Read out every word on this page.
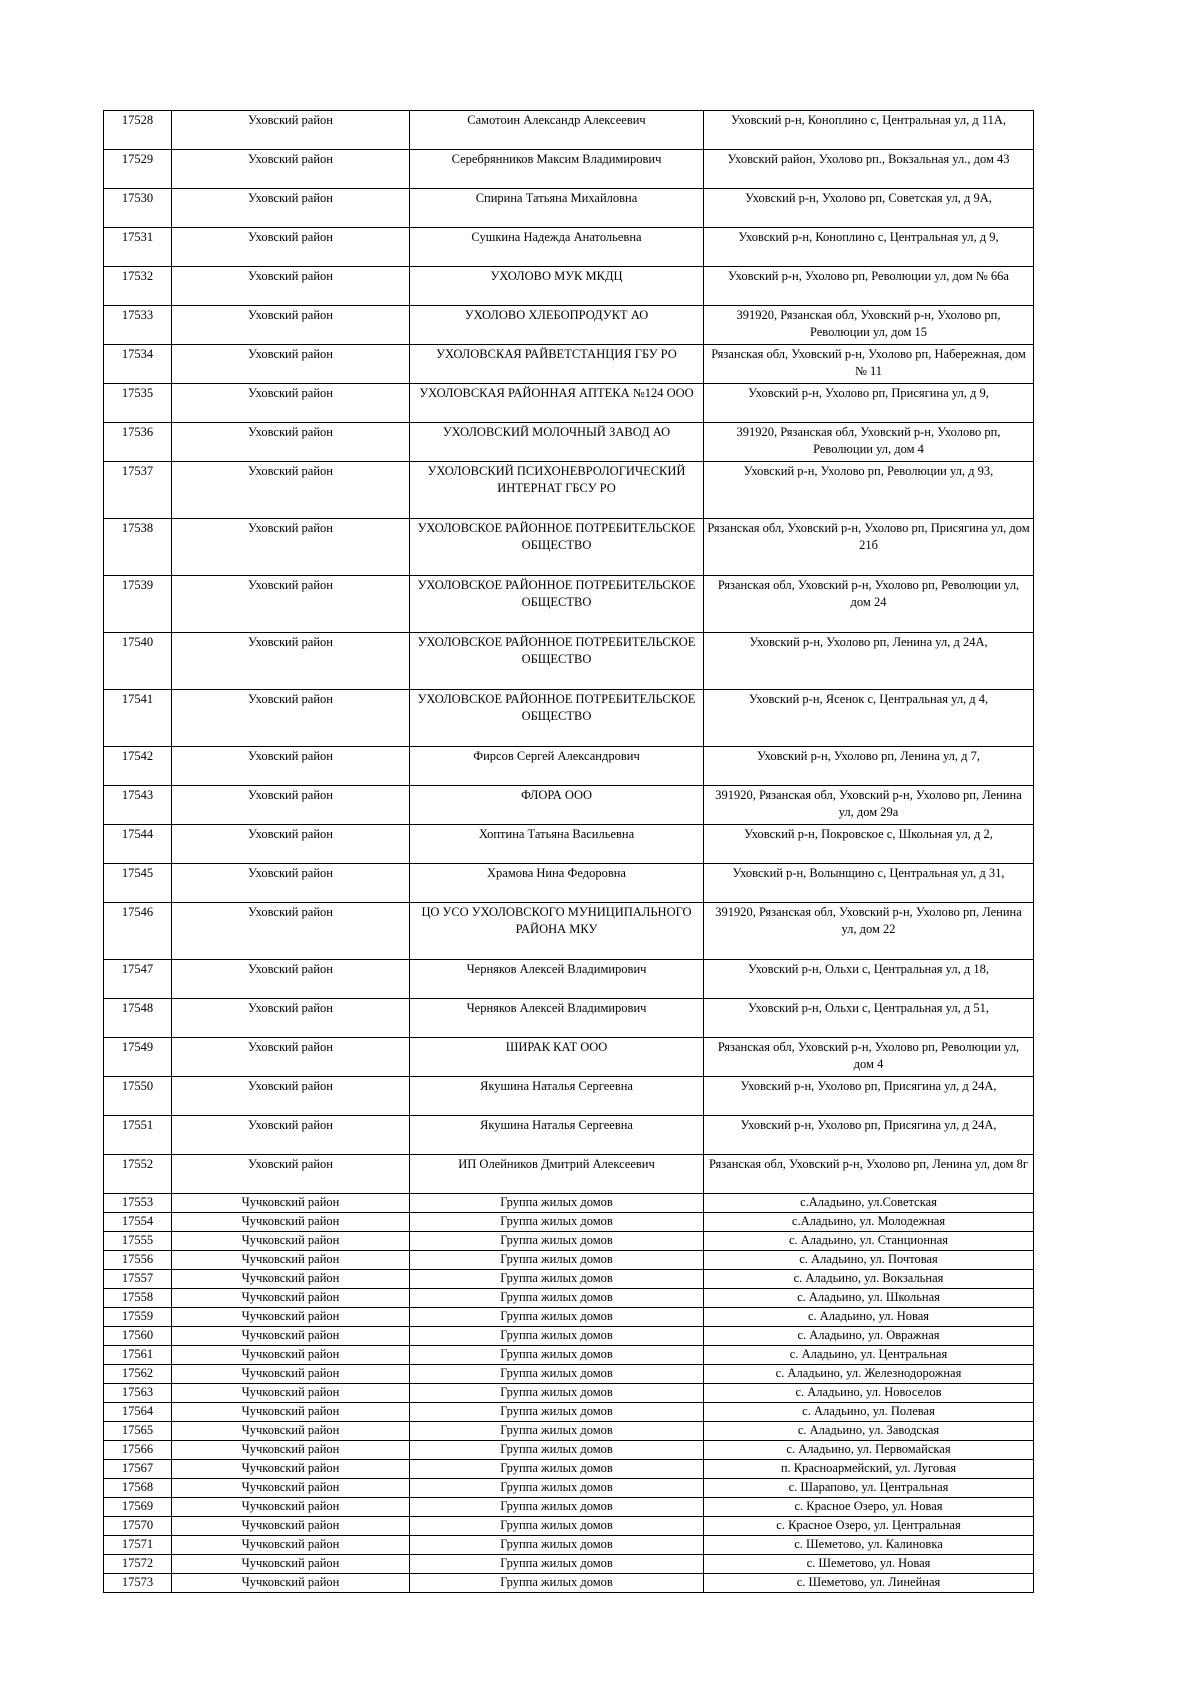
17528	Уховский район	Самотоин Александр Алексеевич	Уховский р-н, Коноплино с, Центральная ул, д 11А,
17529	Уховский район	Серебрянников Максим Владимирович	Уховский район, Ухолово рп., Вокзальная ул., дом 43
17530	Уховский район	Спирина Татьяна Михайловна	Уховский р-н, Ухолово рп, Советская ул, д 9А,
17531	Уховский район	Сушкина Надежда Анатольевна	Уховский р-н, Коноплино с, Центральная ул, д 9,
17532	Уховский район	УХОЛОВО МУК МКДЦ	Уховский р-н, Ухолово рп, Революции ул, дом № 66а
17533	Уховский район	УХОЛОВО ХЛЕБОПРОДУКТ АО	391920, Рязанская обл, Уховский р-н, Ухолово рп, Революции ул, дом 15
17534	Уховский район	УХОЛОВСКАЯ РАЙВЕТСТАНЦИЯ ГБУ РО	Рязанская обл, Уховский р-н, Ухолово рп, Набережная, дом № 11
17535	Уховский район	УХОЛОВСКАЯ РАЙОННАЯ АПТЕКА №124 ООО	Уховский р-н, Ухолово рп, Присягина ул, д 9,
17536	Уховский район	УХОЛОВСКИЙ МОЛОЧНЫЙ ЗАВОД АО	391920, Рязанская обл, Уховский р-н, Ухолово рп, Революции ул, дом 4
17537	Уховский район	УХОЛОВСКИЙ ПСИХОНЕВРОЛОГИЧЕСКИЙ ИНТЕРНАТ ГБСУ РО	Уховский р-н, Ухолово рп, Революции ул, д 93,
17538	Уховский район	УХОЛОВСКОЕ РАЙОННОЕ ПОТРЕБИТЕЛЬСКОЕ ОБЩЕСТВО	Рязанская обл, Уховский р-н, Ухолово рп, Присягина ул, дом 21б
17539	Уховский район	УХОЛОВСКОЕ РАЙОННОЕ ПОТРЕБИТЕЛЬСКОЕ ОБЩЕСТВО	Рязанская обл, Уховский р-н, Ухолово рп, Революции ул, дом 24
17540	Уховский район	УХОЛОВСКОЕ РАЙОННОЕ ПОТРЕБИТЕЛЬСКОЕ ОБЩЕСТВО	Уховский р-н, Ухолово рп, Ленина ул, д 24А,
17541	Уховский район	УХОЛОВСКОЕ РАЙОННОЕ ПОТРЕБИТЕЛЬСКОЕ ОБЩЕСТВО	Уховский р-н, Ясенок с, Центральная ул, д 4,
17542	Уховский район	Фирсов Сергей Александрович	Уховский р-н, Ухолово рп, Ленина ул, д 7,
17543	Уховский район	ФЛОРА ООО	391920, Рязанская обл, Уховский р-н, Ухолово рп, Ленина ул, дом 29а
17544	Уховский район	Хоптина Татьяна Васильевна	Уховский р-н, Покровское с, Школьная ул, д 2,
17545	Уховский район	Храмова Нина Федоровна	Уховский р-н, Волынщино с, Центральная ул, д 31,
17546	Уховский район	ЦО УСО УХОЛОВСКОГО МУНИЦИПАЛЬНОГО РАЙОНА МКУ	391920, Рязанская обл, Уховский р-н, Ухолово рп, Ленина ул, дом 22
17547	Уховский район	Черняков Алексей Владимирович	Уховский р-н, Ольхи с, Центральная ул, д 18,
17548	Уховский район	Черняков Алексей Владимирович	Уховский р-н, Ольхи с, Центральная ул, д 51,
17549	Уховский район	ШИРАК КАТ ООО	Рязанская обл, Уховский р-н, Ухолово рп, Революции ул, дом 4
17550	Уховский район	Якушина Наталья Сергеевна	Уховский р-н, Ухолово рп, Присягина ул, д 24А,
17551	Уховский район	Якушина Наталья Сергеевна	Уховский р-н, Ухолово рп, Присягина ул, д 24А,
17552	Уховский район	ИП Олейников Дмитрий Алексеевич	Рязанская обл, Уховский р-н, Ухолово рп, Ленина ул, дом 8г
17553	Чучковский район	Группа жилых домов	с.Аладьино, ул.Советская
17554	Чучковский район	Группа жилых домов	с.Аладьино, ул. Молодежная
17555	Чучковский район	Группа жилых домов	с. Аладьино, ул. Станционная
17556	Чучковский район	Группа жилых домов	с. Аладьино, ул. Почтовая
17557	Чучковский район	Группа жилых домов	с. Аладьино, ул. Вокзальная
17558	Чучковский район	Группа жилых домов	с. Аладьино, ул. Школьная
17559	Чучковский район	Группа жилых домов	с. Аладьино, ул. Новая
17560	Чучковский район	Группа жилых домов	с. Аладьино, ул. Овражная
17561	Чучковский район	Группа жилых домов	с. Аладьино, ул. Центральная
17562	Чучковский район	Группа жилых домов	с. Аладьино, ул. Железнодорожная
17563	Чучковский район	Группа жилых домов	с. Аладьино, ул. Новоселов
17564	Чучковский район	Группа жилых домов	с. Аладьино, ул. Полевая
17565	Чучковский район	Группа жилых домов	с. Аладьино, ул. Заводская
17566	Чучковский район	Группа жилых домов	с. Аладьино, ул. Первомайская
17567	Чучковский район	Группа жилых домов	п. Красноармейский, ул. Луговая
17568	Чучковский район	Группа жилых домов	с. Шарапово, ул. Центральная
17569	Чучковский район	Группа жилых домов	с. Красное Озеро, ул. Новая
17570	Чучковский район	Группа жилых домов	с. Красное Озеро, ул. Центральная
17571	Чучковский район	Группа жилых домов	с. Шеметово, ул. Калиновка
17572	Чучковский район	Группа жилых домов	с. Шеметово, ул. Новая
17573	Чучковский район	Группа жилых домов	с. Шеметово, ул. Линейная
